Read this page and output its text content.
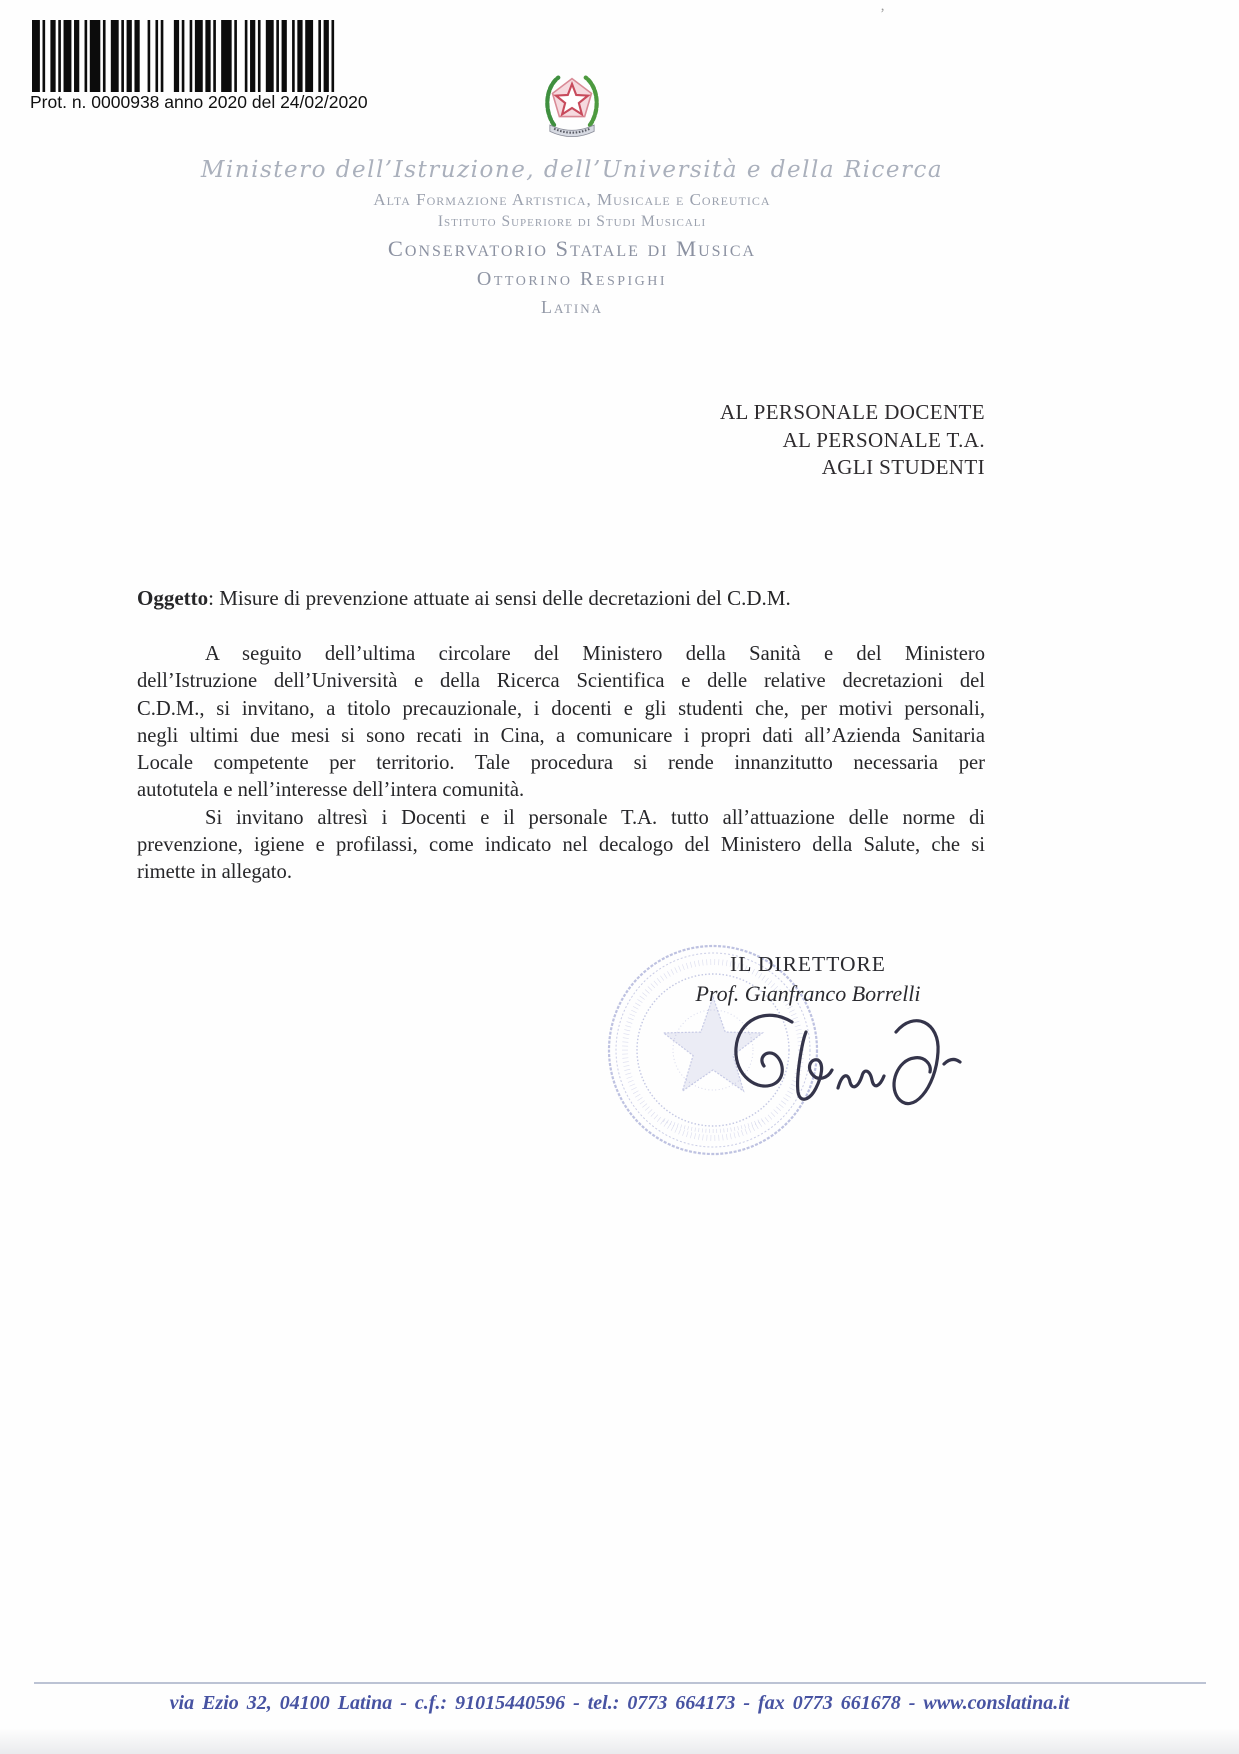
Prot. n. 0000938 anno 2020 del 24/02/2020
’
Ministero dell’Istruzione, dell’Università e della Ricerca
Alta Formazione Artistica, Musicale e Coreutica
Istituto Superiore di Studi Musicali
Conservatorio Statale di Musica
Ottorino Respighi
Latina
AL PERSONALE DOCENTE
AL PERSONALE T.A.
AGLI STUDENTI
Oggetto: Misure di prevenzione attuate ai sensi delle decretazioni del C.D.M.
A seguito dell’ultima circolare del Ministero della Sanità e del Ministero
dell’Istruzione dell’Università e della Ricerca Scientifica e delle relative decretazioni del
C.D.M., si invitano, a titolo precauzionale, i docenti e gli studenti che, per motivi personali,
negli ultimi due mesi si sono recati in Cina, a comunicare i propri dati all’Azienda Sanitaria
Locale competente per territorio. Tale procedura si rende innanzitutto necessaria per
autotutela e nell’interesse dell’intera comunità.
Si invitano altresì i Docenti e il personale T.A. tutto all’attuazione delle norme di
prevenzione, igiene e profilassi, come indicato nel decalogo del Ministero della Salute, che si
rimette in allegato.
IL DIRETTORE
Prof. Gianfranco Borrelli
via Ezio 32, 04100 Latina - c.f.: 91015440596 - tel.: 0773 664173 - fax 0773 661678 - www.conslatina.it
